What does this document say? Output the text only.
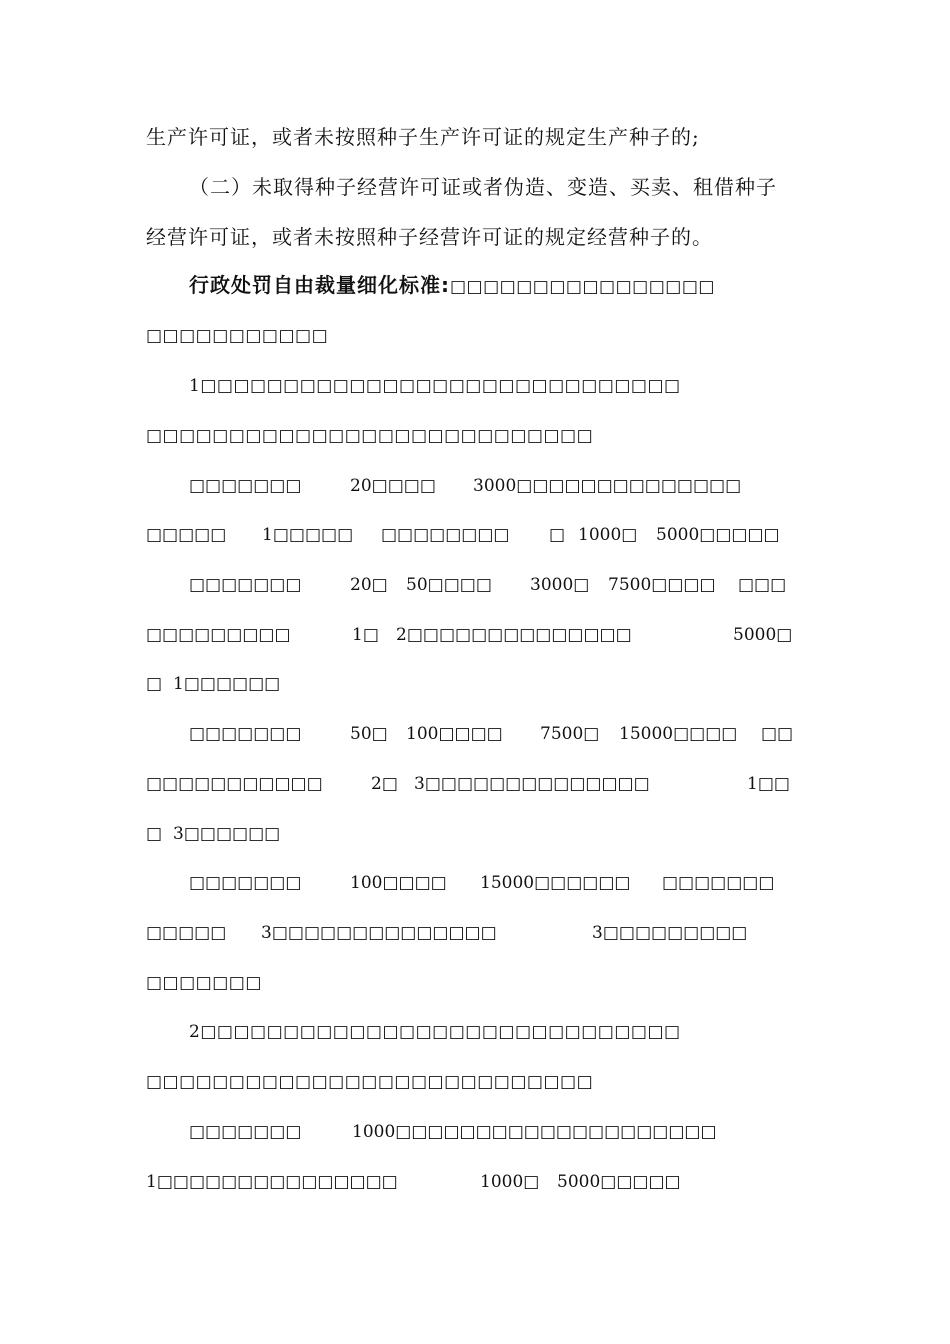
生产许可证，或者未按照种子生产许可证的规定生产种子的;
（二）未取得种子经营许可证或者伪造、变造、买卖、租借种子
经营许可证，或者未按照种子经营许可证的规定经营种子的。
行政处罚自由裁量细化标准:□□□□□□□□□□□□□□□□
□□□□□□□□□□□
1□□□□□□□□□□□□□□□□□□□□□□□□□□□□□
□□□□□□□□□□□□□□□□□□□□□□□□□□□
□□□□□□□	20□□□□ 3000□□□□□□□□□□□□□□
□□□□□ 1□□□□□ □□□□□□□□ □ 1000□ 5000□□□□□
□□□□□□□	20□ 50□□□□ 3000□ 7500□□□□ □□□
□□□□□□□□□	1□ 2□□□□□□□□□□□□□□	5000□
□ 1□□□□□□
□□□□□□□	50□ 100□□□□ 7500□ 15000□□□□ □□
□□□□□□□□□□□	2□ 3□□□□□□□□□□□□□□	1□□
□ 3□□□□□□
□□□□□□□	100□□□□ 15000□□□□□□ □□□□□□□
□□□□□ 3□□□□□□□□□□□□□□	3□□□□□□□□□
□□□□□□□
2□□□□□□□□□□□□□□□□□□□□□□□□□□□□□
□□□□□□□□□□□□□□□□□□□□□□□□□□□
□□□□□□□	1000□□□□□□□□□□□□□□□□□□□□
1□□□□□□□□□□□□□□□	1000□ 5000□□□□□
